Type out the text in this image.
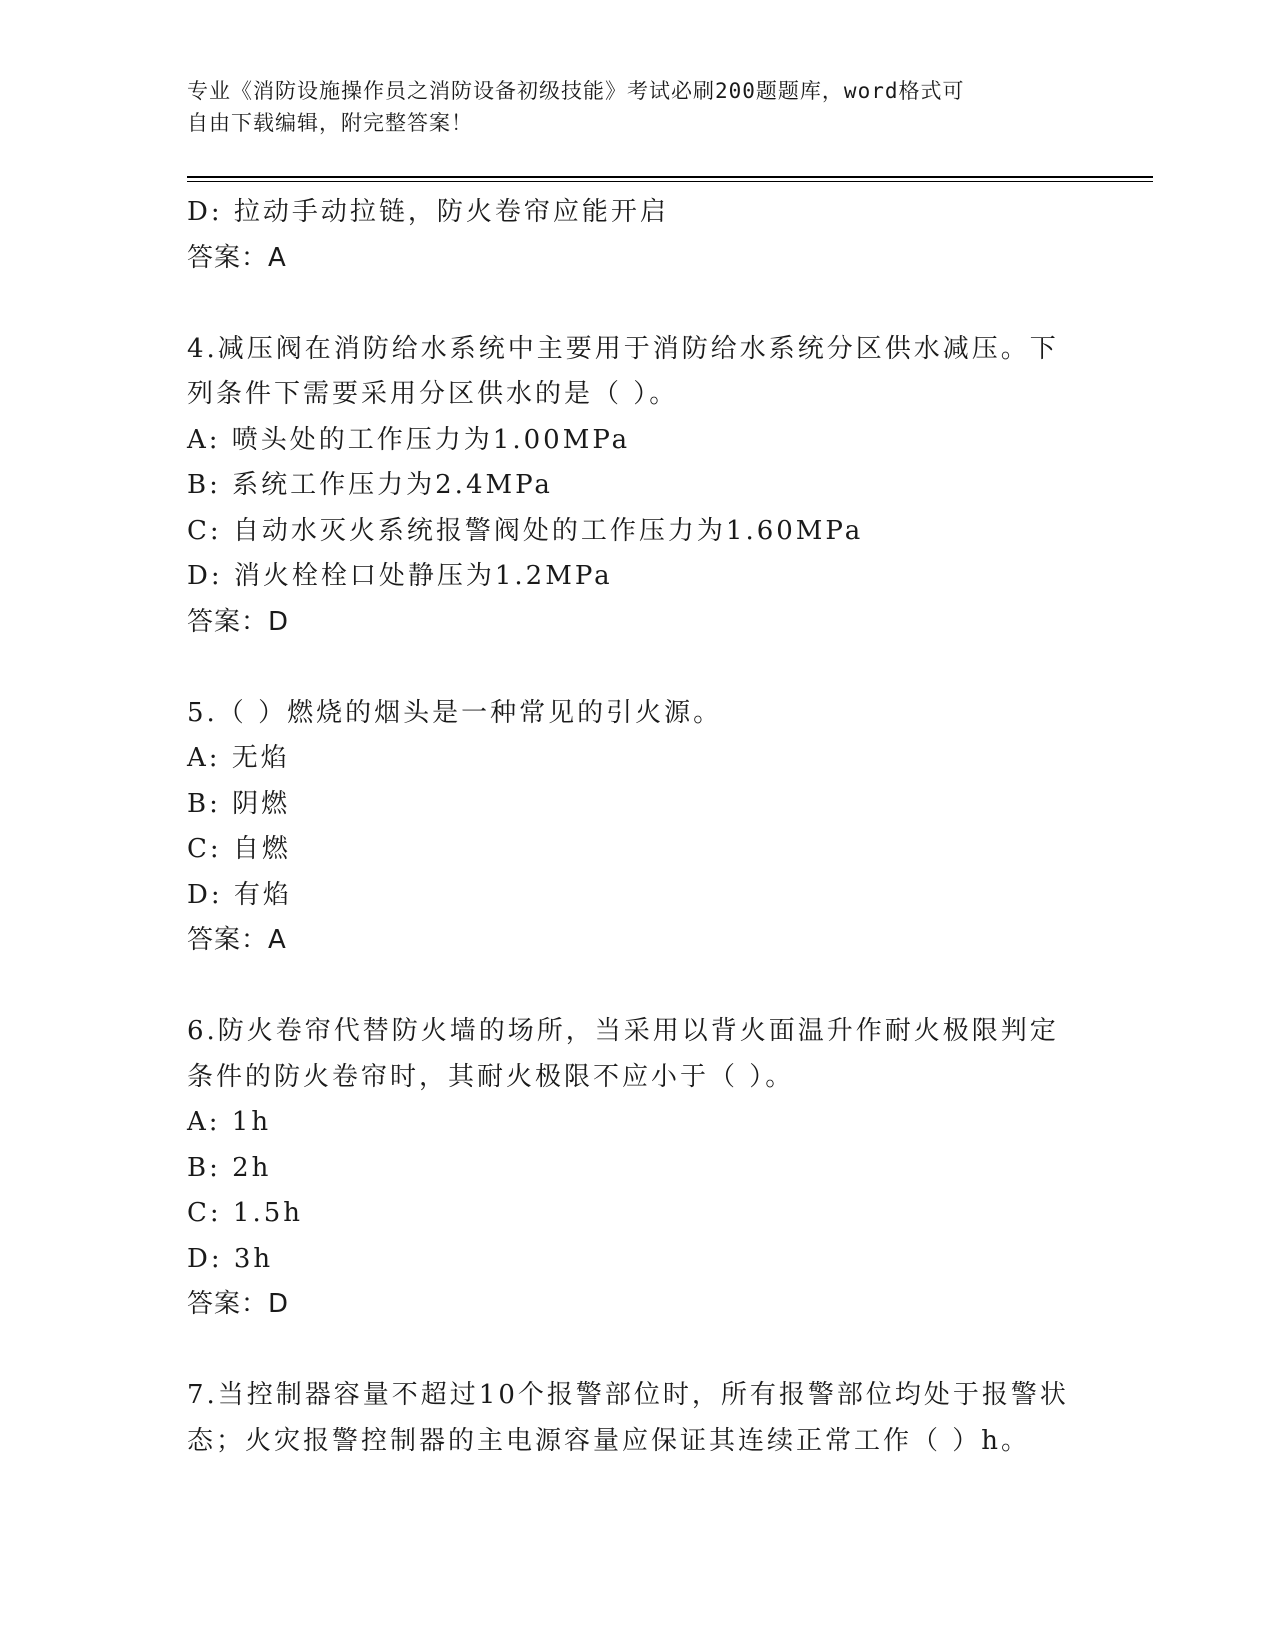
专业《消防设施操作员之消防设备初级技能》考试必刷200题题库，word格式可
自由下载编辑，附完整答案！
D: 拉动手动拉链，防火卷帘应能开启
答案：A
4.减压阀在消防给水系统中主要用于消防给水系统分区供水减压。下
列条件下需要采用分区供水的是（ ）。
A: 喷头处的工作压力为1.00MPa
B: 系统工作压力为2.4MPa
C: 自动水灭火系统报警阀处的工作压力为1.60MPa
D: 消火栓栓口处静压为1.2MPa
答案：D
5.（ ）燃烧的烟头是一种常见的引火源。
A: 无焰
B: 阴燃
C: 自燃
D: 有焰
答案：A
6.防火卷帘代替防火墙的场所，当采用以背火面温升作耐火极限判定
条件的防火卷帘时，其耐火极限不应小于（ ）。
A: 1h
B: 2h
C: 1.5h
D: 3h
答案：D
7.当控制器容量不超过10个报警部位时，所有报警部位均处于报警状
态；火灾报警控制器的主电源容量应保证其连续正常工作（ ）h。
